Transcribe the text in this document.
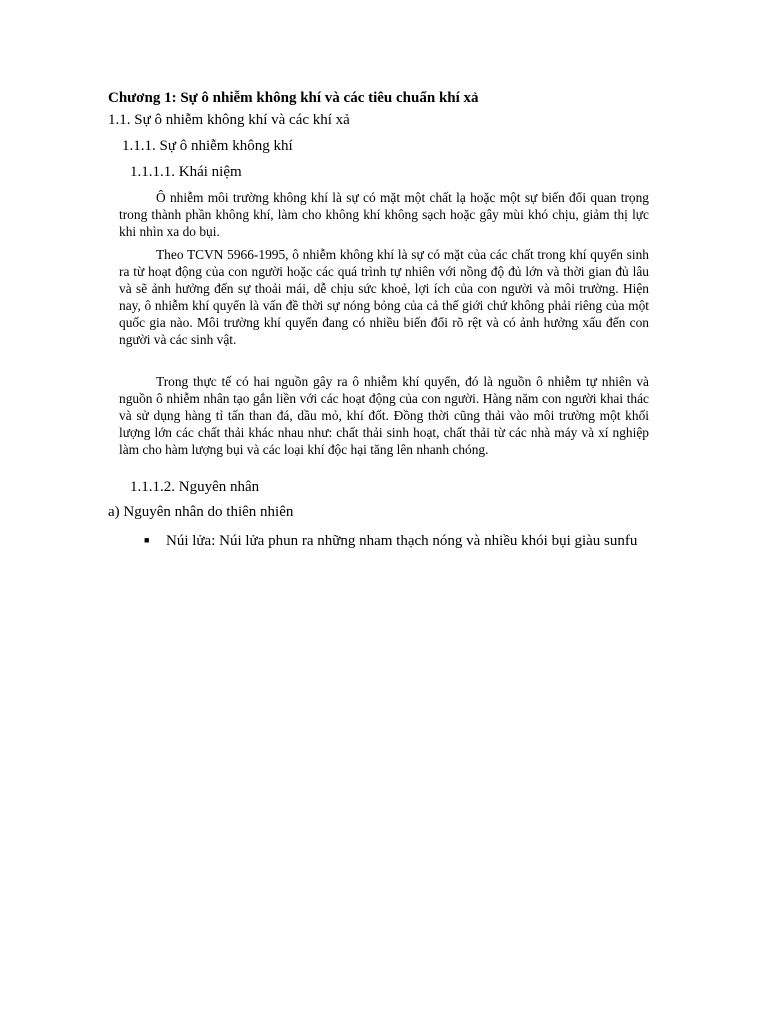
Chương 1: Sự ô nhiễm không khí và các tiêu chuẩn khí xả
1.1. Sự ô nhiễm không khí và các khí xả
1.1.1. Sự ô nhiễm không khí
1.1.1.1. Khái niệm
Ô nhiễm môi trường không khí là sự có mặt một chất lạ hoặc một sự biến đổi quan trọng trong thành phần không khí, làm cho không khí không sạch hoặc gây mùi khó chịu, giảm thị lực khi nhìn xa do bụi.
Theo TCVN 5966-1995, ô nhiễm không khí là sự có mặt của các chất trong khí quyển sinh ra từ hoạt động của con người hoặc các quá trình tự nhiên với nồng độ đủ lớn và thời gian đủ lâu và sẽ ảnh hưởng đến sự thoải mái, dễ chịu sức khoẻ, lợi ích của con người và môi trường. Hiện nay, ô nhiễm khí quyển là vấn đề thời sự nóng bỏng của cả thế giới chứ không phải riêng của một quốc gia nào. Môi trường khí quyển đang có nhiều biến đổi rõ rệt và có ảnh hưởng xấu đến con người và các sinh vật.
Trong thực tế có hai nguồn gây ra ô nhiễm khí quyển, đó là nguồn ô nhiễm tự nhiên và nguồn ô nhiễm nhân tạo gắn liền với các hoạt động của con người. Hàng năm con người khai thác và sử dụng hàng tỉ tấn than đá, dầu mỏ, khí đốt. Đồng thời cũng thải vào môi trường một khối lượng lớn các chất thải khác nhau như: chất thải sinh hoạt, chất thải từ các nhà máy và xí nghiệp làm cho hàm lượng bụi và các loại khí độc hại tăng lên nhanh chóng.
1.1.1.2. Nguyên nhân
a) Nguyên nhân do thiên nhiên
■ Núi lửa: Núi lửa phun ra những nham thạch nóng và nhiều khói bụi giàu sunfu
